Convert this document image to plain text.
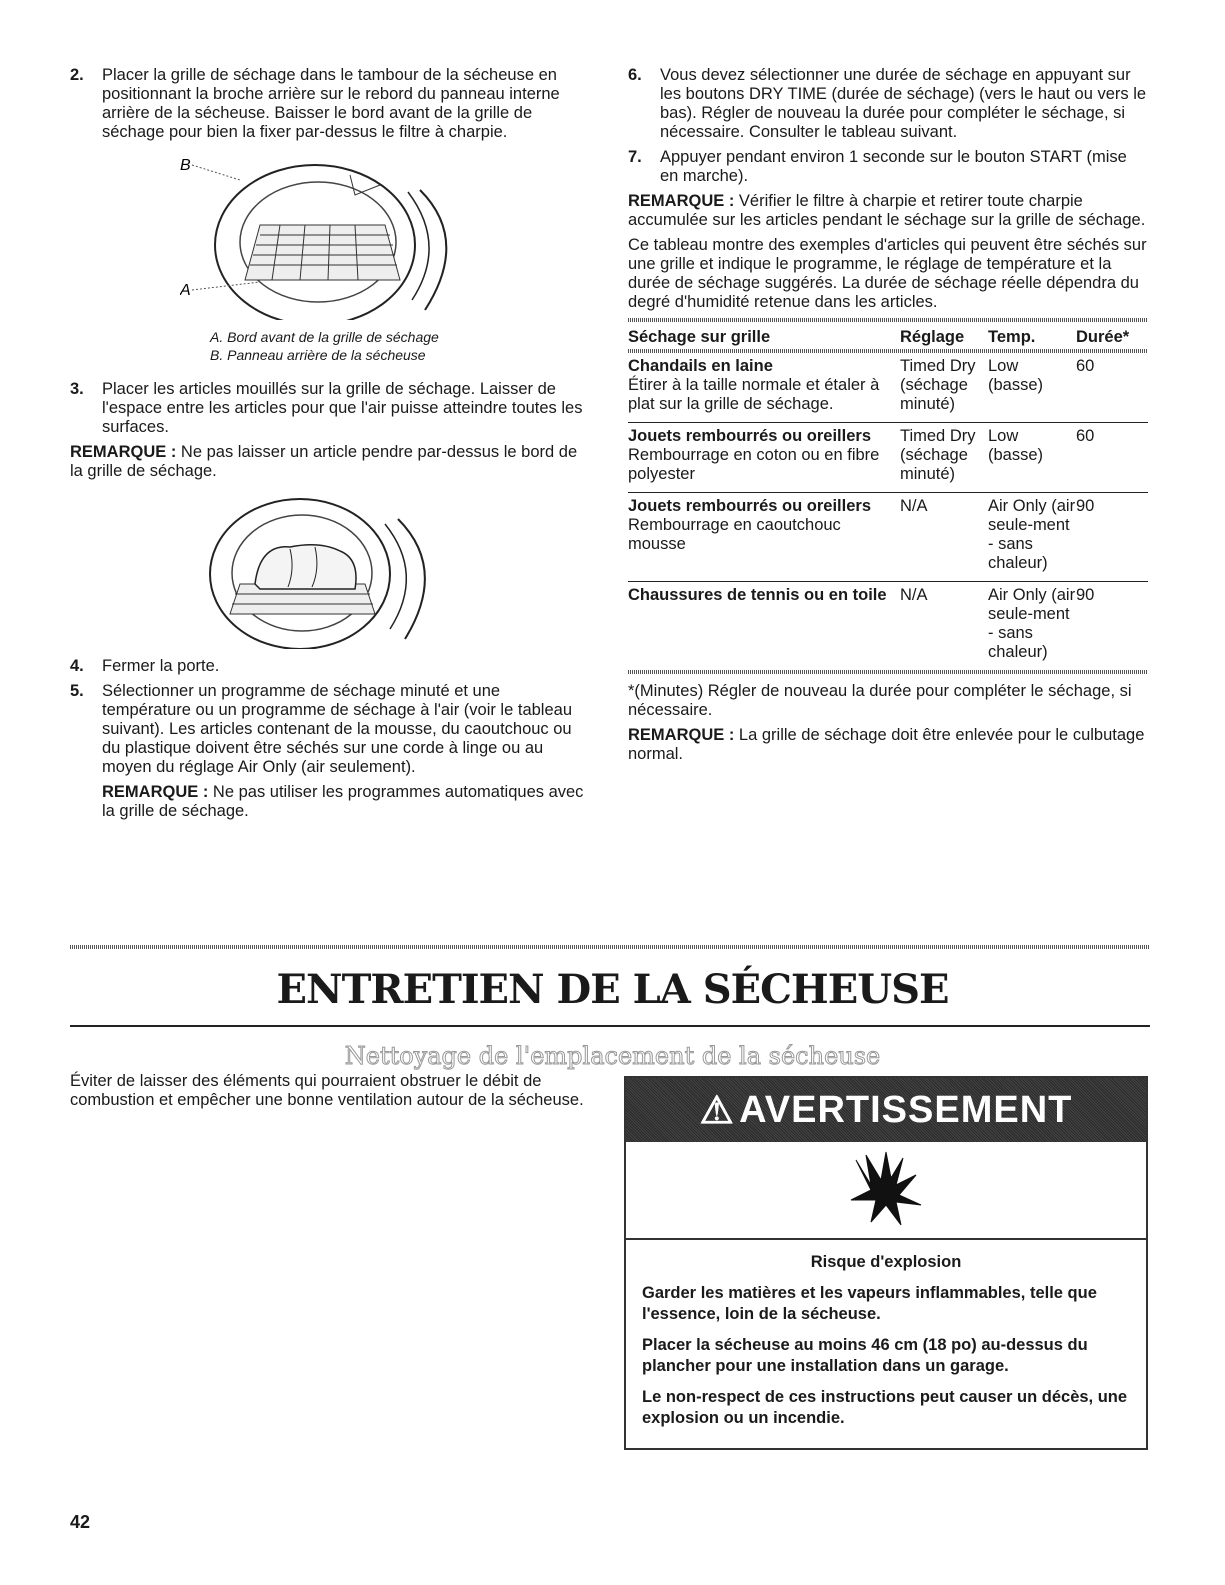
2.	Placer la grille de séchage dans le tambour de la sécheuse en positionnant la broche arrière sur le rebord du panneau interne arrière de la sécheuse. Baisser le bord avant de la grille de séchage pour bien la fixer par-dessus le filtre à charpie.
B
A
A. Bord avant de la grille de séchage
B. Panneau arrière de la sécheuse
3.	Placer les articles mouillés sur la grille de séchage. Laisser de l'espace entre les articles pour que l'air puisse atteindre toutes les surfaces.
REMARQUE : Ne pas laisser un article pendre par-dessus le bord de la grille de séchage.
4.	Fermer la porte.
5.	Sélectionner un programme de séchage minuté et une température ou un programme de séchage à l'air (voir le tableau suivant). Les articles contenant de la mousse, du caoutchouc ou du plastique doivent être séchés sur une corde à linge ou au moyen du réglage Air Only (air seulement).
REMARQUE : Ne pas utiliser les programmes automatiques avec la grille de séchage.
6.	Vous devez sélectionner une durée de séchage en appuyant sur les boutons DRY TIME (durée de séchage) (vers le haut ou vers le bas). Régler de nouveau la durée pour compléter le séchage, si nécessaire. Consulter le tableau suivant.
7.	Appuyer pendant environ 1 seconde sur le bouton START (mise en marche).
REMARQUE : Vérifier le filtre à charpie et retirer toute charpie accumulée sur les articles pendant le séchage sur la grille de séchage.
Ce tableau montre des exemples d'articles qui peuvent être séchés sur une grille et indique le programme, le réglage de température et la durée de séchage suggérés. La durée de séchage réelle dépendra du degré d'humidité retenue dans les articles.
Séchage sur grille	Réglage	Temp.	Durée*

Chandails en laine
Étirer à la taille normale et étaler à plat sur la grille de séchage.	Timed Dry (séchage minuté)	Low (basse)	60

Jouets rembourrés ou oreillers
Rembourrage en coton ou en fibre polyester	Timed Dry (séchage minuté)	Low (basse)	60

Jouets rembourrés ou oreillers
Rembourrage en caoutchouc mousse	N/A	Air Only (air seule-ment - sans chaleur)	90

Chaussures de tennis ou en toile	N/A	Air Only (air seule-ment - sans chaleur)	90
*(Minutes) Régler de nouveau la durée pour compléter le séchage, si nécessaire.
REMARQUE : La grille de séchage doit être enlevée pour le culbutage normal.
ENTRETIEN DE LA SÉCHEUSE
Nettoyage de l'emplacement de la sécheuse
Éviter de laisser des éléments qui pourraient obstruer le débit de combustion et empêcher une bonne ventilation autour de la sécheuse.	⚠
AVERTISSEMENT
Risque d'explosion

Garder les matières et les vapeurs inflammables, telle que l'essence, loin de la sécheuse.

Placer la sécheuse au moins 46 cm (18 po) au-dessus du plancher pour une installation dans un garage.

Le non-respect de ces instructions peut causer un décès, une explosion ou un incendie.

42
